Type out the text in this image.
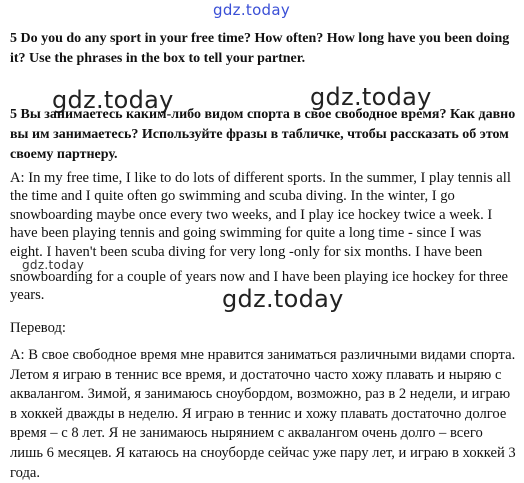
gdz.today

5 Do you do any sport in your free time? How often? How long have you been doing it? Use the phrases in the box to tell your partner.

gdz.today	gdz.today

5 Вы занимаетесь каким-либо видом спорта в свое свободное время? Как давно вы им занимаетесь? Используйте фразы в табличке, чтобы рассказать об этом своему партнеру.

A: In my free time, I like to do lots of different sports. In the summer, I play tennis all the time and I quite often go swimming and scuba diving. In the winter, I go snowboarding maybe once every two weeks, and I play ice hockey twice a week. I have been playing tennis and going swimming for quite a long time - since I was eight. I haven't been scuba diving for very long -only for six months. I have been

gdz.today

snowboarding for a couple of years now and I have been playing ice hockey for three years.	gdz.today

Перевод:

А: В свое свободное время мне нравится заниматься различными видами спорта. Летом я играю в теннис все время, и достаточно часто хожу плавать и ныряю с аквалангом. Зимой, я занимаюсь сноубордом, возможно, раз в 2 недели, и играю в хоккей дважды в неделю. Я играю в теннис и хожу плавать достаточно долгое время – с 8 лет. Я не занимаюсь нырянием с аквалангом очень долго – всего лишь 6 месяцев. Я катаюсь на сноуборде сейчас уже пару лет, и играю в хоккей 3 года.
